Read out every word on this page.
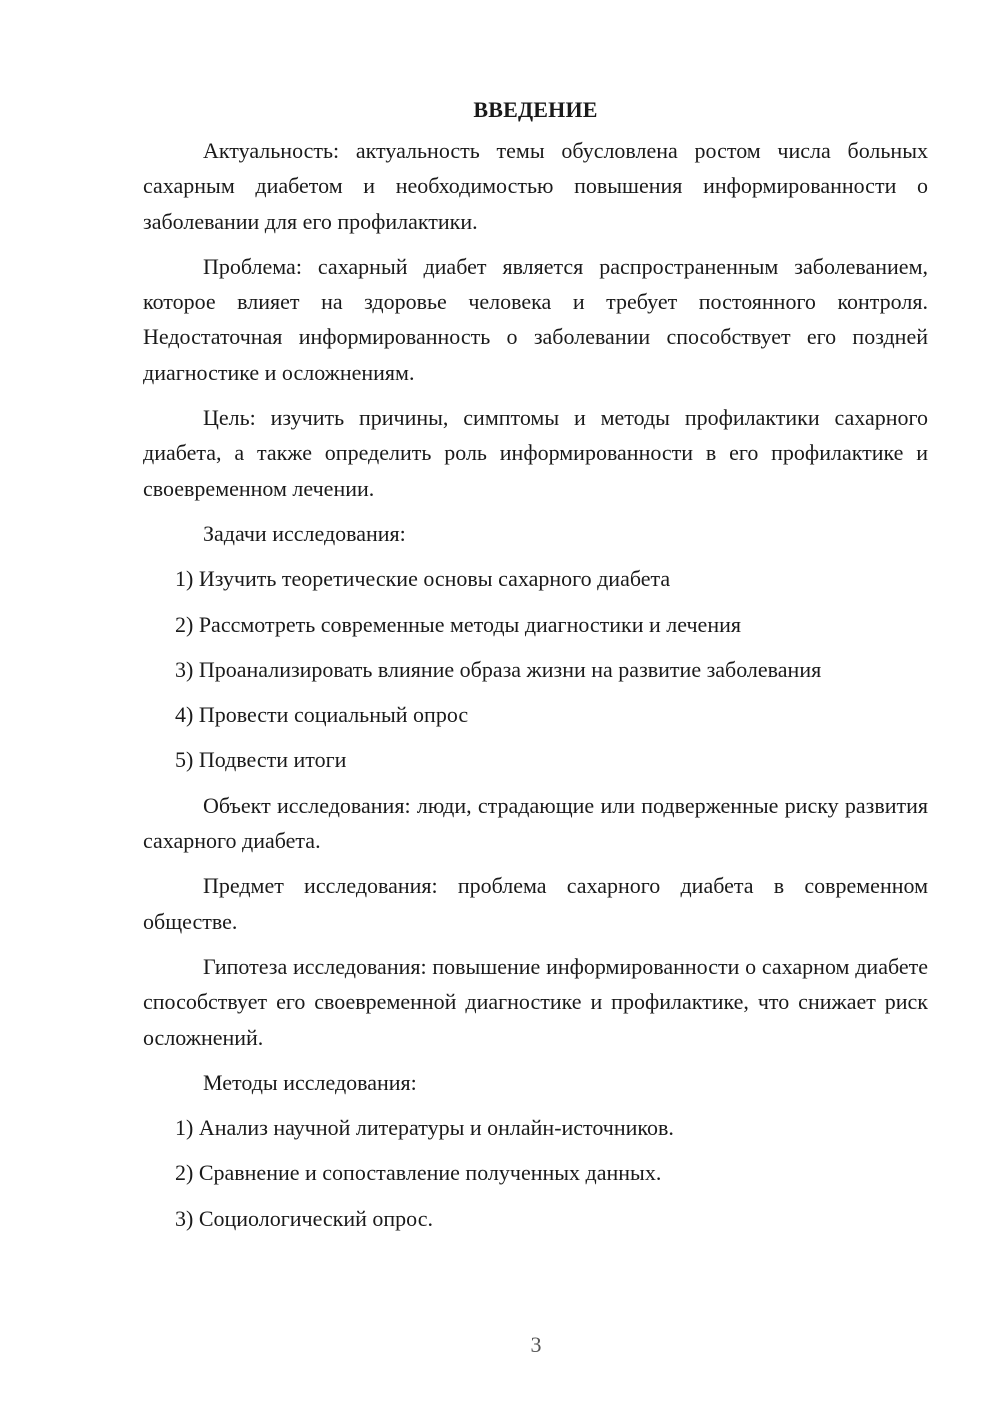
ВВЕДЕНИЕ

Актуальность: актуальность темы обусловлена ростом числа больных сахарным диабетом и необходимостью повышения информированности о заболевании для его профилактики.

Проблема: сахарный диабет является распространенным заболеванием, которое влияет на здоровье человека и требует постоянного контроля. Недостаточная информированность о заболевании способствует его поздней диагностике и осложнениям.

Цель: изучить причины, симптомы и методы профилактики сахарного диабета, а также определить роль информированности в его профилактике и своевременном лечении.

Задачи исследования:

1) Изучить теоретические основы сахарного диабета
2) Рассмотреть современные методы диагностики и лечения
3) Проанализировать влияние образа жизни на развитие заболевания
4) Провести социальный опрос
5) Подвести итоги

Объект исследования: люди, страдающие или подверженные риску развития сахарного диабета.

Предмет исследования: проблема сахарного диабета в современном обществе.

Гипотеза исследования: повышение информированности о сахарном диабете способствует его своевременной диагностике и профилактике, что снижает риск осложнений.

Методы исследования:

1) Анализ научной литературы и онлайн-источников.
2) Сравнение и сопоставление полученных данных.
3) Социологический опрос.
3
